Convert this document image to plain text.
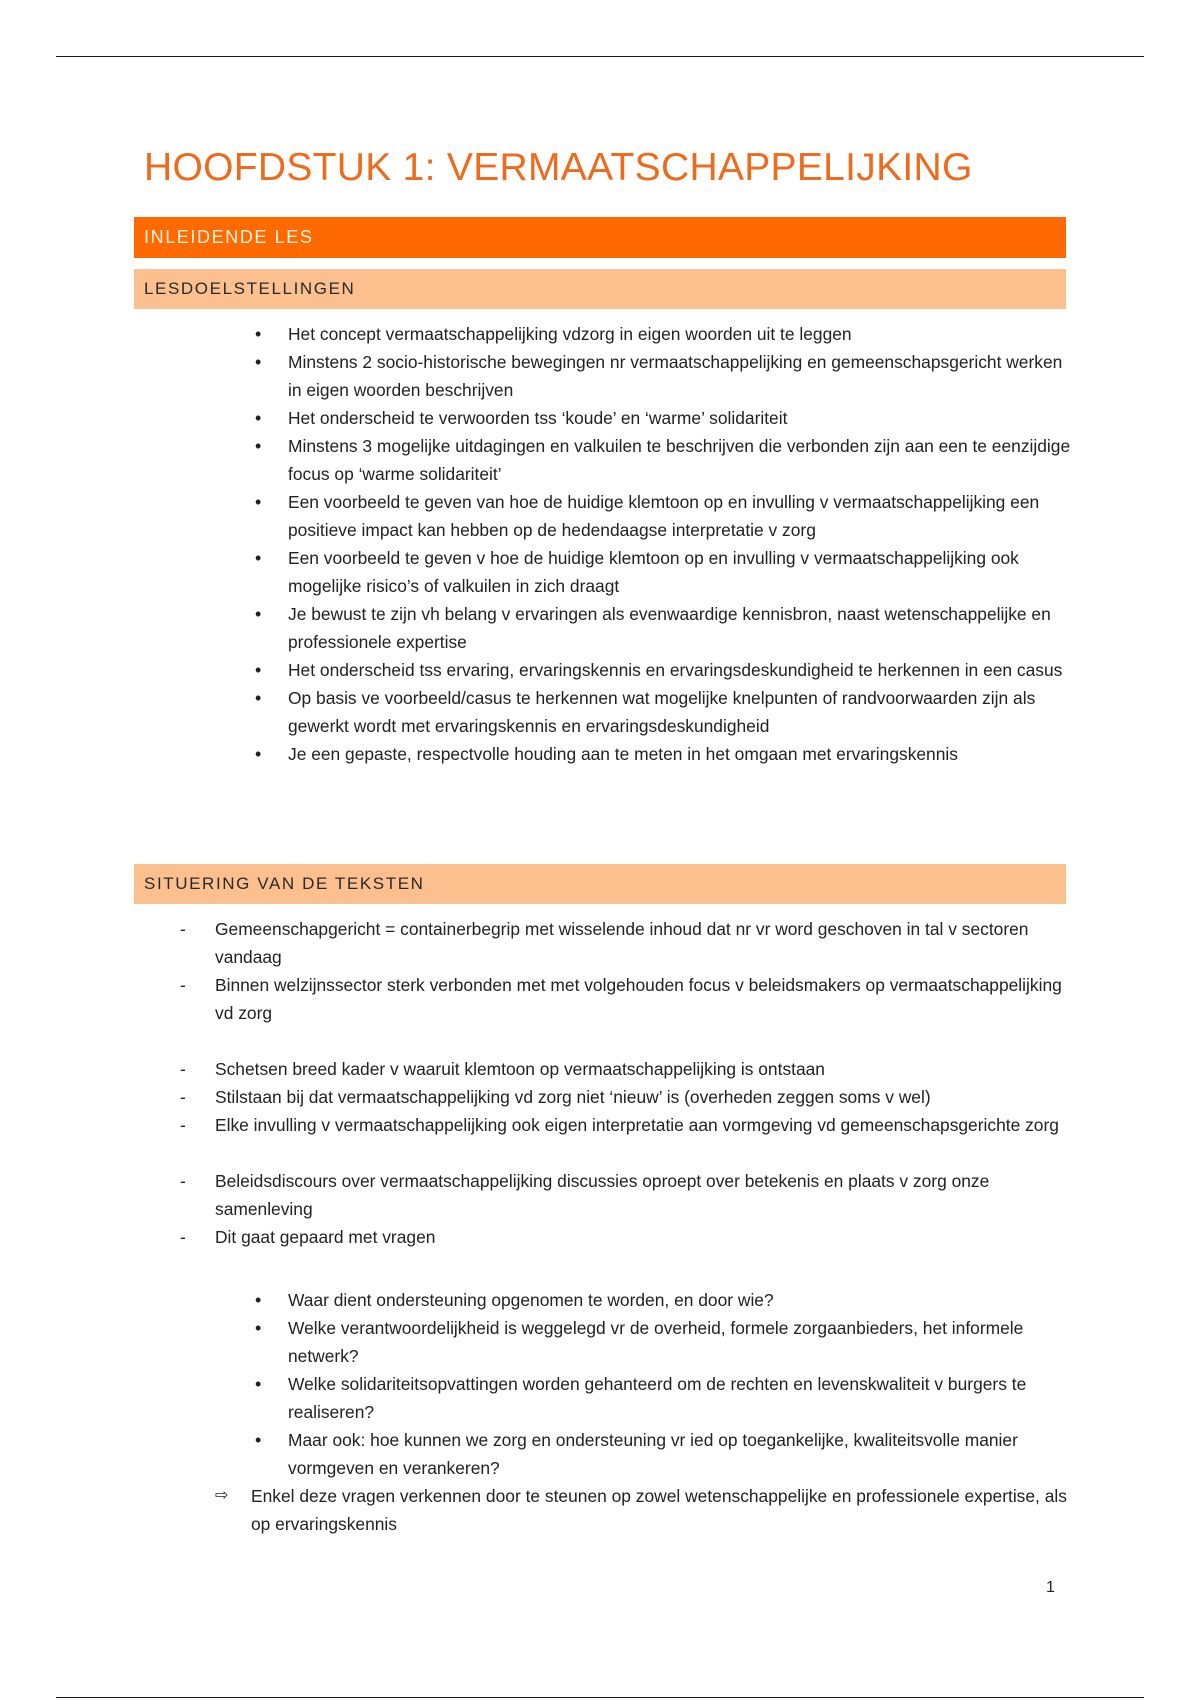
HOOFDSTUK 1: VERMAATSCHAPPELIJKING
INLEIDENDE LES
LESDOELSTELLINGEN
• Het concept vermaatschappelijking vdzorg in eigen woorden uit te leggen
• Minstens 2 socio-historische bewegingen nr vermaatschappelijking en gemeenschapsgericht werken in eigen woorden beschrijven
• Het onderscheid te verwoorden tss ‘koude’ en ‘warme’ solidariteit
• Minstens 3 mogelijke uitdagingen en valkuilen te beschrijven die verbonden zijn aan een te eenzijdige focus op ‘warme solidariteit’
• Een voorbeeld te geven van hoe de huidige klemtoon op en invulling v vermaatschappelijking een positieve impact kan hebben op de hedendaagse interpretatie v zorg
• Een voorbeeld te geven v hoe de huidige klemtoon op en invulling v vermaatschappelijking ook mogelijke risico’s of valkuilen in zich draagt
• Je bewust te zijn vh belang v ervaringen als evenwaardige kennisbron, naast wetenschappelijke en professionele expertise
• Het onderscheid tss ervaring, ervaringskennis en ervaringsdeskundigheid te herkennen in een casus
• Op basis ve voorbeeld/casus te herkennen wat mogelijke knelpunten of randvoorwaarden zijn als gewerkt wordt met ervaringskennis en ervaringsdeskundigheid
• Je een gepaste, respectvolle houding aan te meten in het omgaan met ervaringskennis
SITUERING VAN DE TEKSTEN
- Gemeenschapgericht = containerbegrip met wisselende inhoud dat nr vr word geschoven in tal v sectoren vandaag
- Binnen welzijnssector sterk verbonden met met volgehouden focus v beleidsmakers op vermaatschappelijking vd zorg
- Schetsen breed kader v waaruit klemtoon op vermaatschappelijking is ontstaan
- Stilstaan bij dat vermaatschappelijking vd zorg niet ‘nieuw’ is (overheden zeggen soms v wel)
- Elke invulling v vermaatschappelijking ook eigen interpretatie aan vormgeving vd gemeenschapsgerichte zorg
- Beleidsdiscours over vermaatschappelijking discussies oproept over betekenis en plaats v zorg onze samenleving
- Dit gaat gepaard met vragen
• Waar dient ondersteuning opgenomen te worden, en door wie?
• Welke verantwoordelijkheid is weggelegd vr de overheid, formele zorgaanbieders, het informele netwerk?
• Welke solidariteitsopvattingen worden gehanteerd om de rechten en levenskwaliteit v burgers te realiseren?
• Maar ook: hoe kunnen we zorg en ondersteuning vr ied op toegankelijke, kwaliteitsvolle manier vormgeven en verankeren?
⇨ Enkel deze vragen verkennen door te steunen op zowel wetenschappelijke en professionele expertise, als op ervaringskennis
1
